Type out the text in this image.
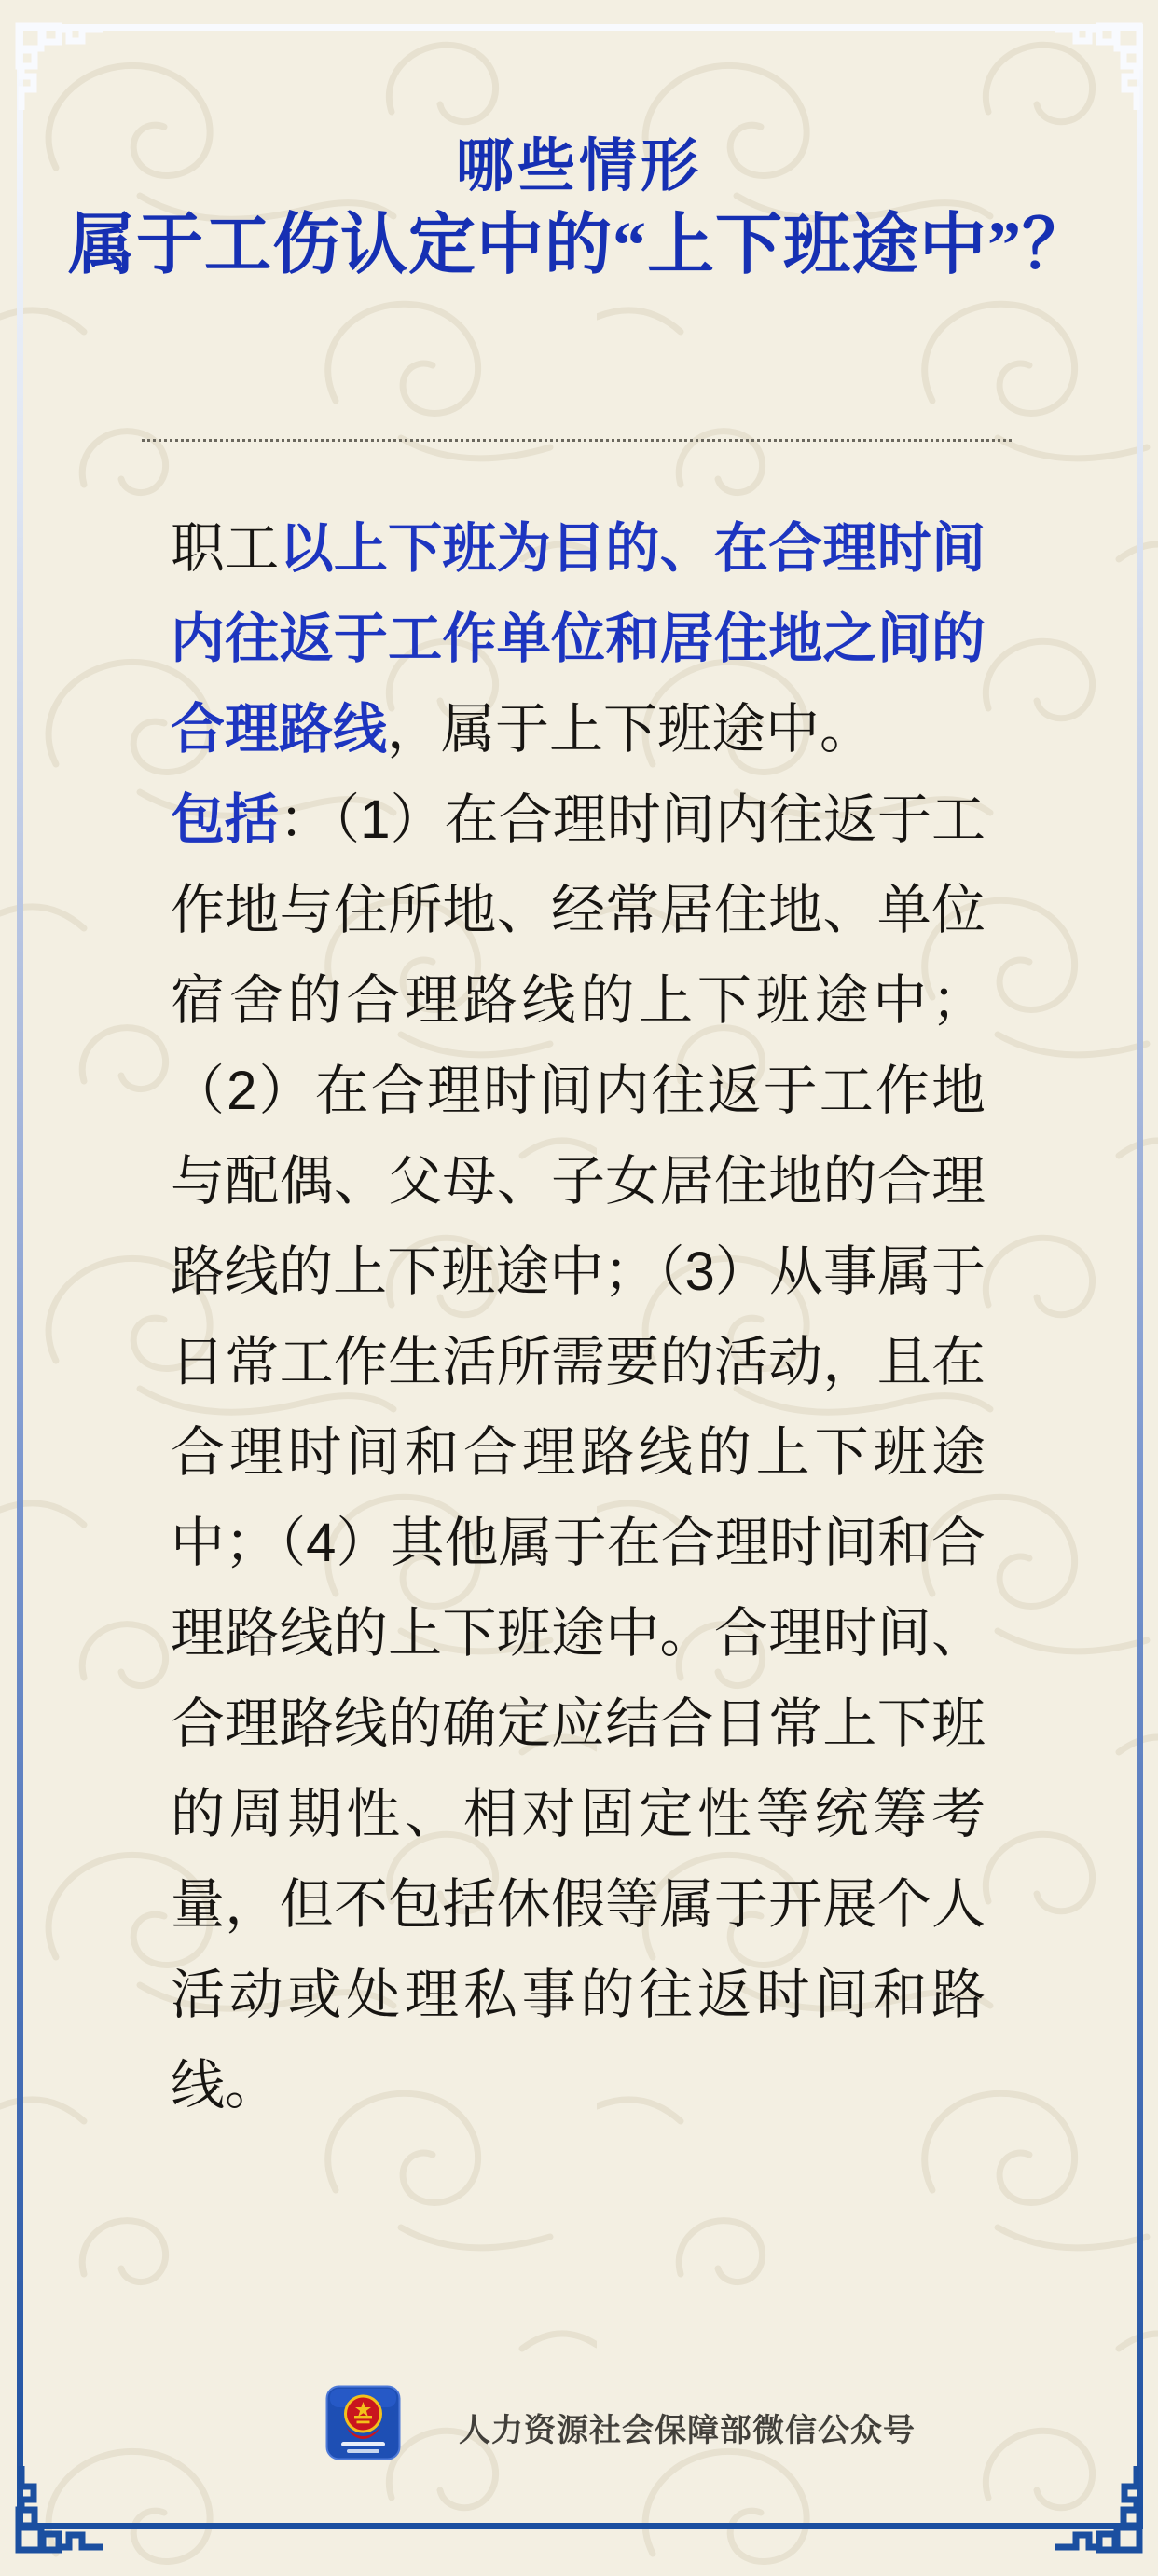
哪些情形
属于工伤认定中的“上下班途中”？

职工以上下班为目的、在合理时间内往返于工作单位和居住地之间的合理路线，属于上下班途中。

包括：（1）在合理时间内往返于工作地与住所地、经常居住地、单位宿舍的合理路线的上下班途中；（2）在合理时间内往返于工作地与配偶、父母、子女居住地的合理路线的上下班途中；（3）从事属于日常工作生活所需要的活动，且在合理时间和合理路线的上下班途中；（4）其他属于在合理时间和合理路线的上下班途中。合理时间、合理路线的确定应结合日常上下班的周期性、相对固定性等统筹考量，但不包括休假等属于开展个人活动或处理私事的往返时间和路线。

人力资源社会保障部微信公众号
